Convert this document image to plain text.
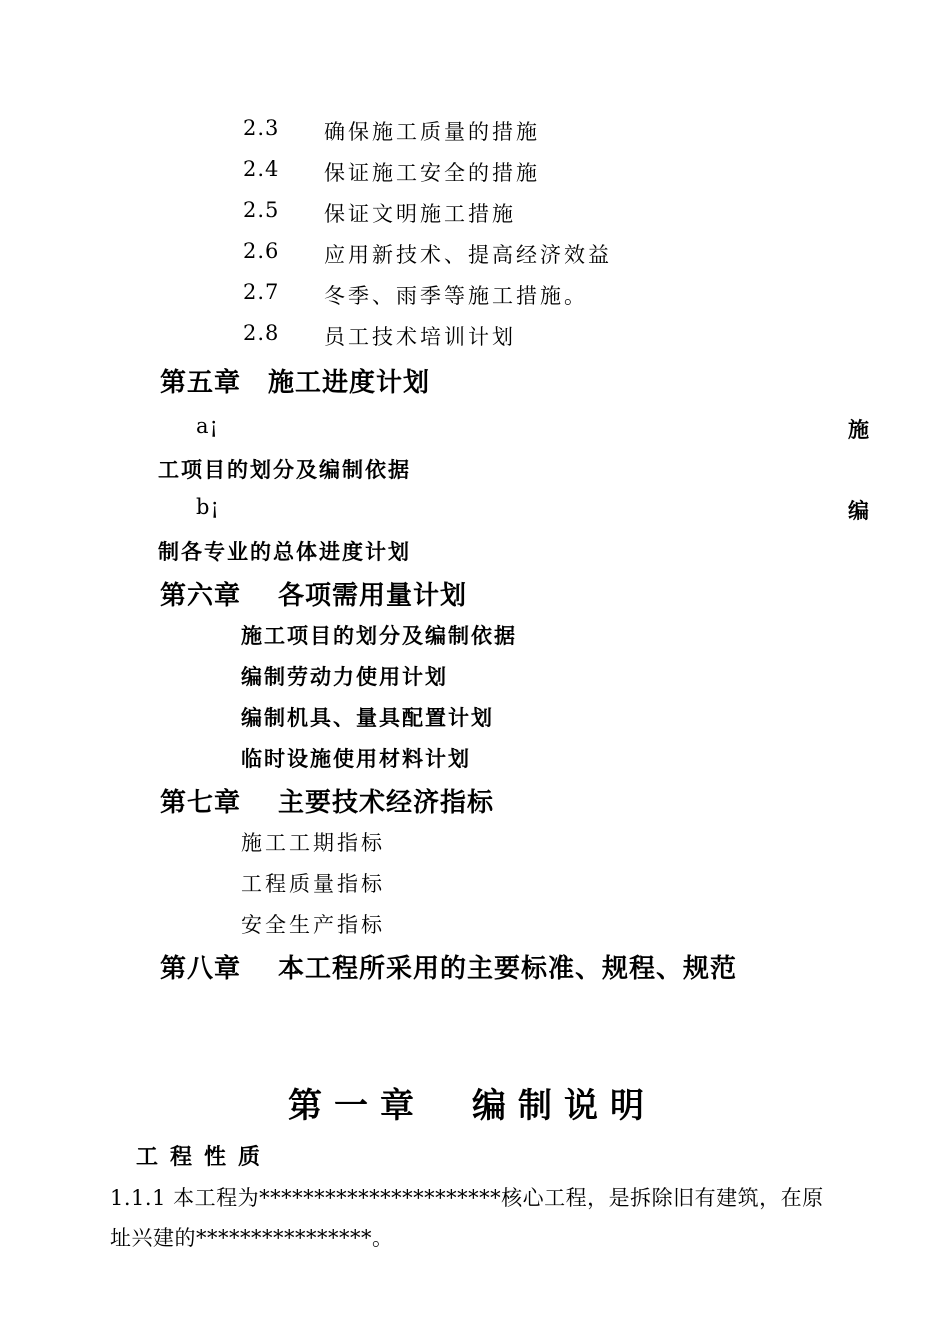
2.3 确保施工质量的措施
2.4 保证施工安全的措施
2.5 保证文明施工措施
2.6 应用新技术、提高经济效益
2.7 冬季、雨季等施工措施。
2.8 员工技术培训计划
第五章　施工进度计划
a¡	施
工项目的划分及编制依据
b¡	编
制各专业的总体进度计划
第六章　 各项需用量计划
施工项目的划分及编制依据
编制劳动力使用计划
编制机具、量具配置计划
临时设施使用材料计划
第七章　 主要技术经济指标
施工工期指标
工程质量指标
安全生产指标
第八章　 本工程所采用的主要标准、规程、规范
第一章　编制说明
工程性质
1.1.1 本工程为**********************核心工程，是拆除旧有建筑，在原
址兴建的****************。
